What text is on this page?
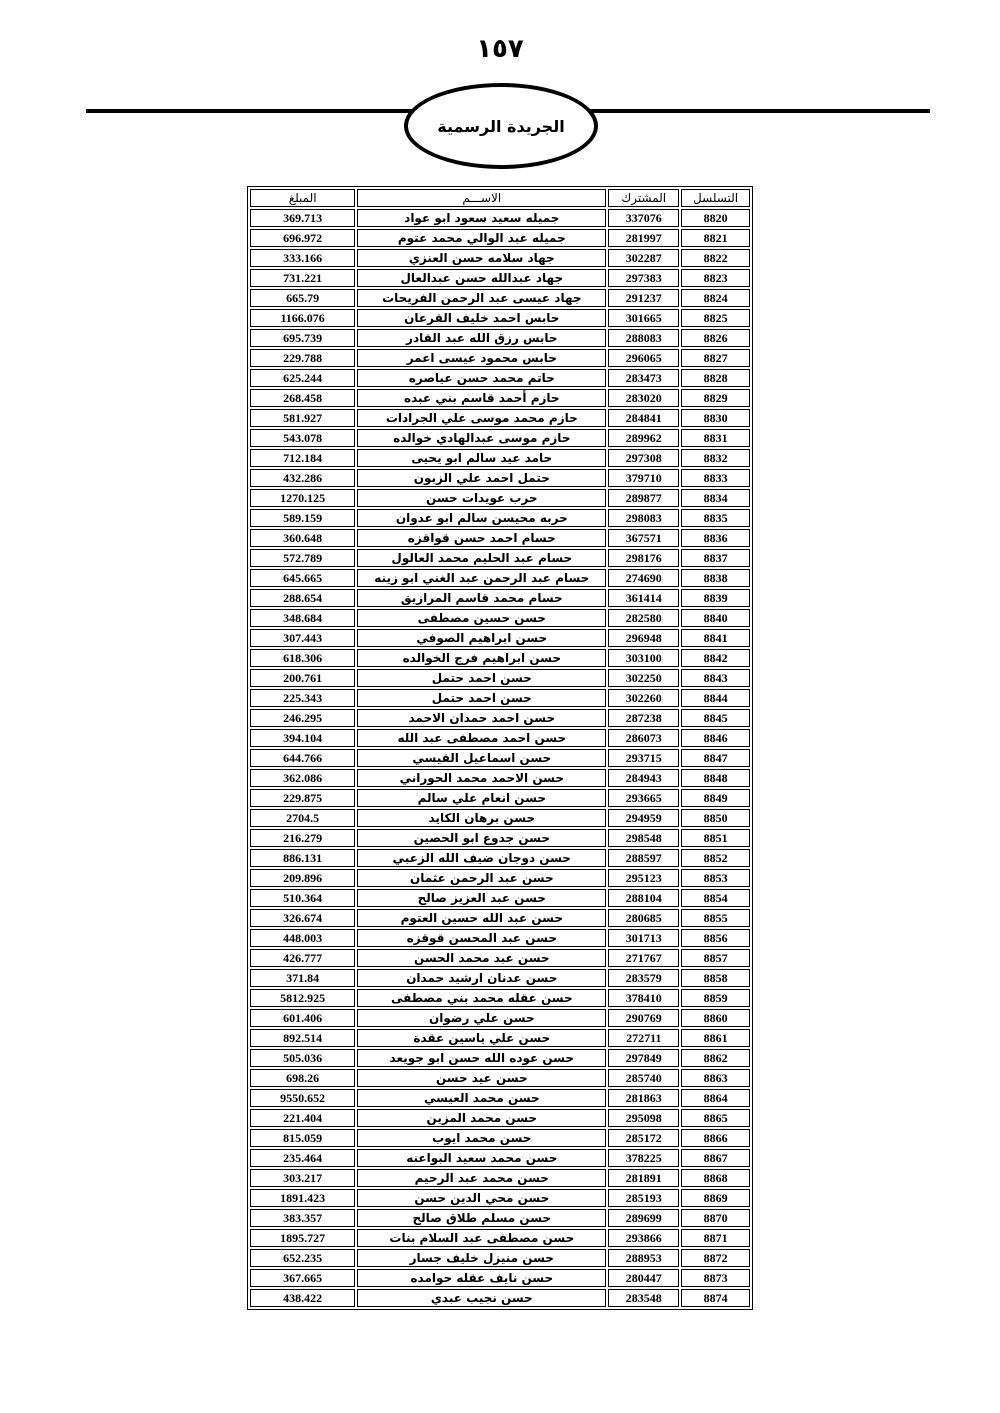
١٥٧
الجريدة الرسمية
التسلسل	المشترك	الاســـم	المبلغ
8820	337076	جميله سعيد سعود ابو عواد	369.713
8821	281997	جميله عبد الوالي محمد عتوم	696.972
8822	302287	جهاد سلامه حسن العنزي	333.166
8823	297383	جهاد عبدالله حسن عبدالعال	731.221
8824	291237	جهاد عيسى عبد الرحمن الفريحات	665.79
8825	301665	حابس احمد خليف القرعان	1166.076
8826	288083	حابس رزق الله عبد القادر	695.739
8827	296065	حابس محمود عيسى اعمر	229.788
8828	283473	حاتم محمد حسن عياصره	625.244
8829	283020	حازم أحمد قاسم بني عبده	268.458
8830	284841	حازم محمد موسى علي الجرادات	581.927
8831	289962	حازم موسى عبدالهادي خوالده	543.078
8832	297308	حامد عيد سالم ابو يحيى	712.184
8833	379710	حتمل احمد علي الزبون	432.286
8834	289877	حرب عويدات حسن	1270.125
8835	298083	حربه محيسن سالم ابو عدوان	589.159
8836	367571	حسام احمد حسن قواقزه	360.648
8837	298176	حسام عبد الحليم محمد العالول	572.789
8838	274690	حسام عبد الرحمن عبد الغني ابو زينه	645.665
8839	361414	حسام محمد قاسم المرازيق	288.654
8840	282580	حسن حسين مصطفى	348.684
8841	296948	حسن ابراهيم الصوفي	307.443
8842	303100	حسن ابراهيم فرج الخوالده	618.306
8843	302250	حسن احمد حتمل	200.761
8844	302260	حسن احمد حتمل	225.343
8845	287238	حسن احمد حمدان الاحمد	246.295
8846	286073	حسن احمد مصطفى عبد الله	394.104
8847	293715	حسن اسماعيل القيسي	644.766
8848	284943	حسن الاحمد محمد الحوراني	362.086
8849	293665	حسن انعام علي سالم	229.875
8850	294959	حسن برهان الكايد	2704.5
8851	298548	حسن جدوع ابو الحصين	216.279
8852	288597	حسن دوجان ضيف الله الزعبي	886.131
8853	295123	حسن عبد الرحمن عثمان	209.896
8854	288104	حسن عبد العزيز صالح	510.364
8855	280685	حسن عبد الله حسين العتوم	326.674
8856	301713	حسن عبد المحسن قوقزه	448.003
8857	271767	حسن عبد محمد الحسن	426.777
8858	283579	حسن عدنان ارشيد حمدان	371.84
8859	378410	حسن عقله محمد بني مصطفى	5812.925
8860	290769	حسن علي رضوان	601.406
8861	272711	حسن علي ياسين عقدة	892.514
8862	297849	حسن عوده الله حسن ابو جويعد	505.036
8863	285740	حسن عيد حسن	698.26
8864	281863	حسن محمد العيسي	9550.652
8865	295098	حسن محمد المزين	221.404
8866	285172	حسن محمد ايوب	815.059
8867	378225	حسن محمد سعيد البواعنه	235.464
8868	281891	حسن محمد عبد الرحيم	303.217
8869	285193	حسن محي الدين حسن	1891.423
8870	289699	حسن مسلم طلاق صالح	383.357
8871	293866	حسن مصطفى عبد السلام بنات	1895.727
8872	288953	حسن منيزل خليف جسار	652.235
8873	280447	حسن نايف عقله حوامده	367.665
8874	283548	حسن نجيب عبدي	438.422
